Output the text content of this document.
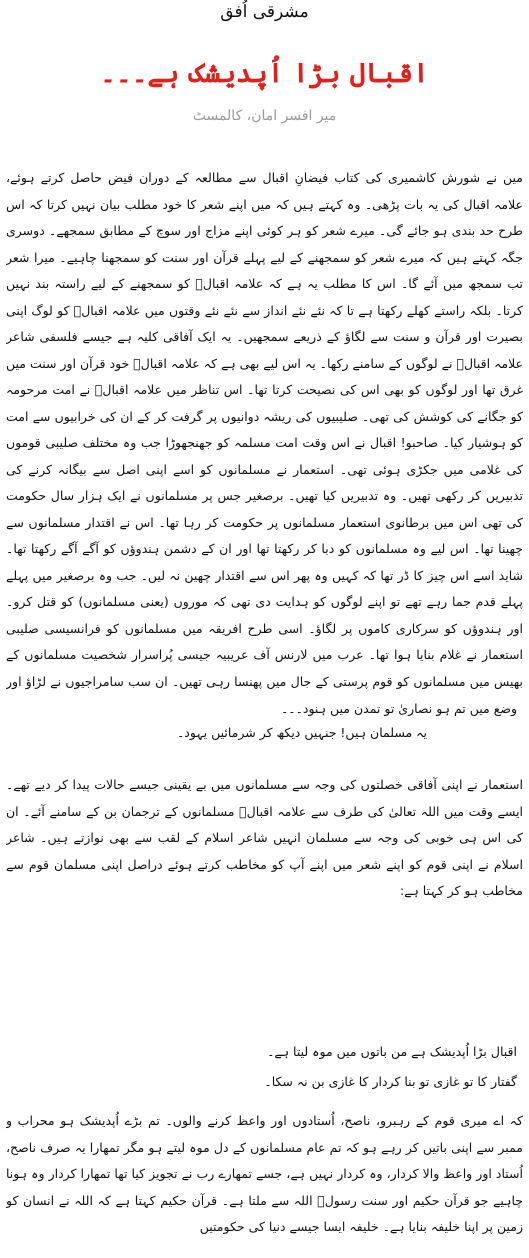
مشرقی اُفق
اقبال بڑا اُپدیشک ہے۔۔۔
میر افسر امان، کالمسٹ
میں نے شورش کاشمیری کی کتاب فیضانِ اقبال سے مطالعہ کے دوران فیض حاصل کرتے ہوئے، علامہ اقبال کی یہ بات پڑھی۔ وہ کہتے ہیں کہ میں اپنے شعر کا خود مطلب بیان نہیں کرتا کہ اس طرح حد بندی ہو جائے گی۔ میرے شعر کو ہر کوئی اپنے مزاج اور سوچ کے مطابق سمجھے۔ دوسری جگہ کہتے ہیں کہ میرے شعر کو سمجھنے کے لیے پہلے قرآن اور سنت کو سمجھنا چاہیے۔ میرا شعر تب سمجھ میں آئے گا۔ اس کا مطلب یہ ہے کہ علامہ اقبالؒ کو سمجھنے کے لیے راستہ بند نہیں کرتا۔ بلکہ راستے کھلے رکھتا ہے تا کہ نئے نئے انداز سے نئے نئے وقتوں میں علامہ اقبالؒ کو لوگ اپنی بصیرت اور قرآن و سنت سے لگاؤ کے ذریعے سمجھیں۔ یہ ایک آفاقی کلیہ ہے جیسے فلسفی شاعر علامہ اقبالؒ نے لوگوں کے سامنے رکھا۔ یہ اس لیے بھی ہے کہ علامہ اقبالؒ خود قرآن اور سنت میں غرق تھا اور لوگوں کو بھی اس کی نصیحت کرتا تھا۔ اس تناظر میں علامہ اقبالؒ نے امت مرحومہ کو جگانے کی کوشش کی تھی۔ صلیبیوں کی ریشہ دوانیوں پر گرفت کر کے ان کی خرابیوں سے امت کو ہوشیار کیا۔ صاحبو! اقبال نے اس وقت امت مسلمہ کو جھنجھوڑا جب وہ مختلف صلیبی قوموں کی غلامی میں جکڑی ہوئی تھی۔ استعمار نے مسلمانوں کو اسے اپنی اصل سے بیگانہ کرنے کی تدبیریں کر رکھی تھیں۔ وہ تدبیریں کیا تھیں۔ برصغیر جس پر مسلمانوں نے ایک ہزار سال حکومت کی تھی اس میں برطانوی استعمار مسلمانوں پر حکومت کر رہا تھا۔ اس نے اقتدار مسلمانوں سے چھینا تھا۔ اس لیے وہ مسلمانوں کو دبا کر رکھتا تھا اور ان کے دشمن ہندوؤں کو آگے آگے رکھتا تھا۔ شاید اسے اس چیز کا ڈر تھا کہ کہیں وہ پھر اس سے اقتدار چھین نہ لیں۔ جب وہ برصغیر میں پہلے پہلے قدم جما رہے تھے تو اپنے لوگوں کو ہدایت دی تھی کہ موروں (یعنی مسلمانوں) کو قتل کرو۔ اور ہندوؤں کو سرکاری کاموں پر لگاؤ۔ اسی طرح افریقہ میں مسلمانوں کو فرانسیسی صلیبی استعمار نے غلام بنایا ہوا تھا۔ عرب میں لارنس آف عریبیہ جیسی پُراسرار شخصیت مسلمانوں کے بھیس میں مسلمانوں کو قوم پرستی کے جال میں پھنسا رہی تھیں۔ ان سب سامراجیوں نے لڑاؤ اور
وضع میں تم ہو نصاریٰ تو تمدن میں ہنود۔۔۔
یہ مسلمان ہیں! جنہیں دیکھ کر شرمائیں یہود۔
استعمار نے اپنی آفاقی خصلتوں کی وجہ سے مسلمانوں میں بے یقینی جیسے حالات پیدا کر دیے تھے۔ ایسے وقت میں اللہ تعالیٰ کی طرف سے علامہ اقبالؒ مسلمانوں کے ترجمان بن کے سامنے آئے۔ ان کی اس ہی خوبی کی وجہ سے مسلمان انہیں شاعر اسلام کے لقب سے بھی نوازتے ہیں۔ شاعر اسلام نے اپنی قوم کو اپنے شعر میں اپنے آپ کو مخاطب کرتے ہوئے دراصل اپنی مسلمان قوم سے مخاطب ہو کر کہتا ہے:
اقبال بڑا اُپدیشک ہے من باتوں میں موہ لیتا ہے۔
گفتار کا تو غازی تو بنا کردار کا غازی بن نہ سکا۔
کہ اے میری قوم کے رہبرو، ناصح، اُستادوں اور واعظ کرنے والوں۔ تم بڑے اُپدیشک ہو محراب و ممبر سے اپنی باتیں کر رہے ہو کہ تم عام مسلمانوں کے دل موہ لیتے ہو مگر تمھارا یہ صرف ناصح، اُستاد اور واعظ والا کردار، وہ کردار نہیں ہے، جسے تمھارے رب نے تجویز کیا تھا تمھارا کردار وہ ہونا چاہیے جو قرآن حکیم اور سنت رسولؐ اللہ سے ملتا ہے۔ قرآن حکیم کہتا ہے کہ اللہ نے انسان کو زمین پر اپنا خلیفہ بنایا ہے۔ خلیفہ ایسا جیسے دنیا کی حکومتیں
